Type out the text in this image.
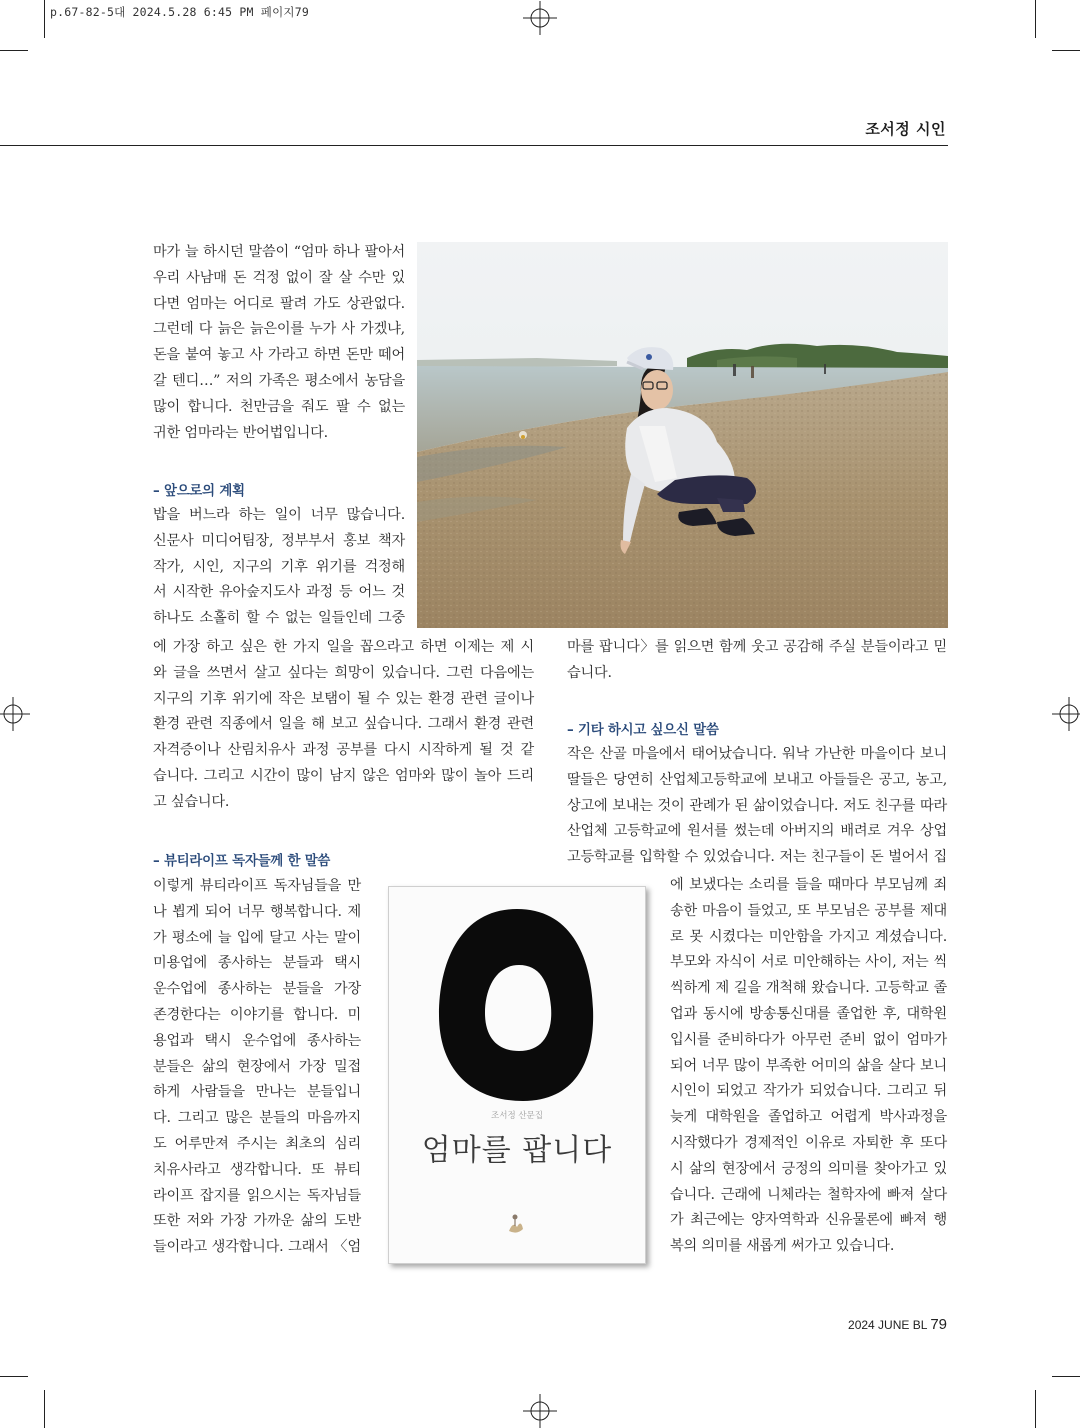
p.67-82-5대 2024.5.28 6:45 PM 페이지79
조서정 시인
마가 늘 하시던 말씀이 “엄마 하나 팔아서
우리 사남매 돈 걱정 없이 잘 살 수만 있
다면 엄마는 어디로 팔려 가도 상관없다.
그런데 다 늙은 늙은이를 누가 사 가겠냐,
돈을 붙여 놓고 사 가라고 하면 돈만 떼어
갈 텐디…” 저의 가족은 평소에서 농담을
많이 합니다. 천만금을 줘도 팔 수 없는
귀한 엄마라는 반어법입니다.
– 앞으로의 계획
밥을 버느라 하는 일이 너무 많습니다.
신문사 미디어팀장, 정부부서 홍보 책자
작가, 시인, 지구의 기후 위기를 걱정해
서 시작한 유아숲지도사 과정 등 어느 것
하나도 소홀히 할 수 없는 일들인데 그중
에 가장 하고 싶은 한 가지 일을 꼽으라고 하면 이제는 제 시
와 글을 쓰면서 살고 싶다는 희망이 있습니다. 그런 다음에는
지구의 기후 위기에 작은 보탬이 될 수 있는 환경 관련 글이나
환경 관련 직종에서 일을 해 보고 싶습니다. 그래서 환경 관련
자격증이나 산림치유사 과정 공부를 다시 시작하게 될 것 같
습니다. 그리고 시간이 많이 남지 않은 엄마와 많이 놀아 드리
고 싶습니다.
– 뷰티라이프 독자들께 한 말씀
이렇게 뷰티라이프 독자님들을 만
나 뵙게 되어 너무 행복합니다. 제
가 평소에 늘 입에 달고 사는 말이
미용업에 종사하는 분들과 택시
운수업에 종사하는 분들을 가장
존경한다는 이야기를 합니다. 미
용업과 택시 운수업에 종사하는
분들은 삶의 현장에서 가장 밀접
하게 사람들을 만나는 분들입니
다. 그리고 많은 분들의 마음까지
도 어루만져 주시는 최초의 심리
치유사라고 생각합니다. 또 뷰티
라이프 잡지를 읽으시는 독자님들
또한 저와 가장 가까운 삶의 도반
들이라고 생각합니다. 그래서 〈엄
마를 팝니다〉를 읽으면 함께 웃고 공감해 주실 분들이라고 믿
습니다.
– 기타 하시고 싶으신 말씀
작은 산골 마을에서 태어났습니다. 워낙 가난한 마을이다 보니
딸들은 당연히 산업체고등학교에 보내고 아들들은 공고, 농고,
상고에 보내는 것이 관례가 된 삶이었습니다. 저도 친구를 따라
산업체 고등학교에 원서를 썼는데 아버지의 배려로 겨우 상업
고등학교를 입학할 수 있었습니다. 저는 친구들이 돈 벌어서 집
에 보냈다는 소리를 들을 때마다 부모님께 죄
송한 마음이 들었고, 또 부모님은 공부를 제대
로 못 시켰다는 미안함을 가지고 계셨습니다.
부모와 자식이 서로 미안해하는 사이, 저는 씩
씩하게 제 길을 개척해 왔습니다. 고등학교 졸
업과 동시에 방송통신대를 졸업한 후, 대학원
입시를 준비하다가 아무런 준비 없이 엄마가
되어 너무 많이 부족한 어미의 삶을 살다 보니
시인이 되었고 작가가 되었습니다. 그리고 뒤
늦게 대학원을 졸업하고 어렵게 박사과정을
시작했다가 경제적인 이유로 자퇴한 후 또다
시 삶의 현장에서 긍정의 의미를 찾아가고 있
습니다. 근래에 니체라는 철학자에 빠져 살다
가 최근에는 양자역학과 신유물론에 빠져 행
복의 의미를 새롭게 써가고 있습니다.
조서정 산문집
엄마를 팝니다
2024 JUNE BL 79
